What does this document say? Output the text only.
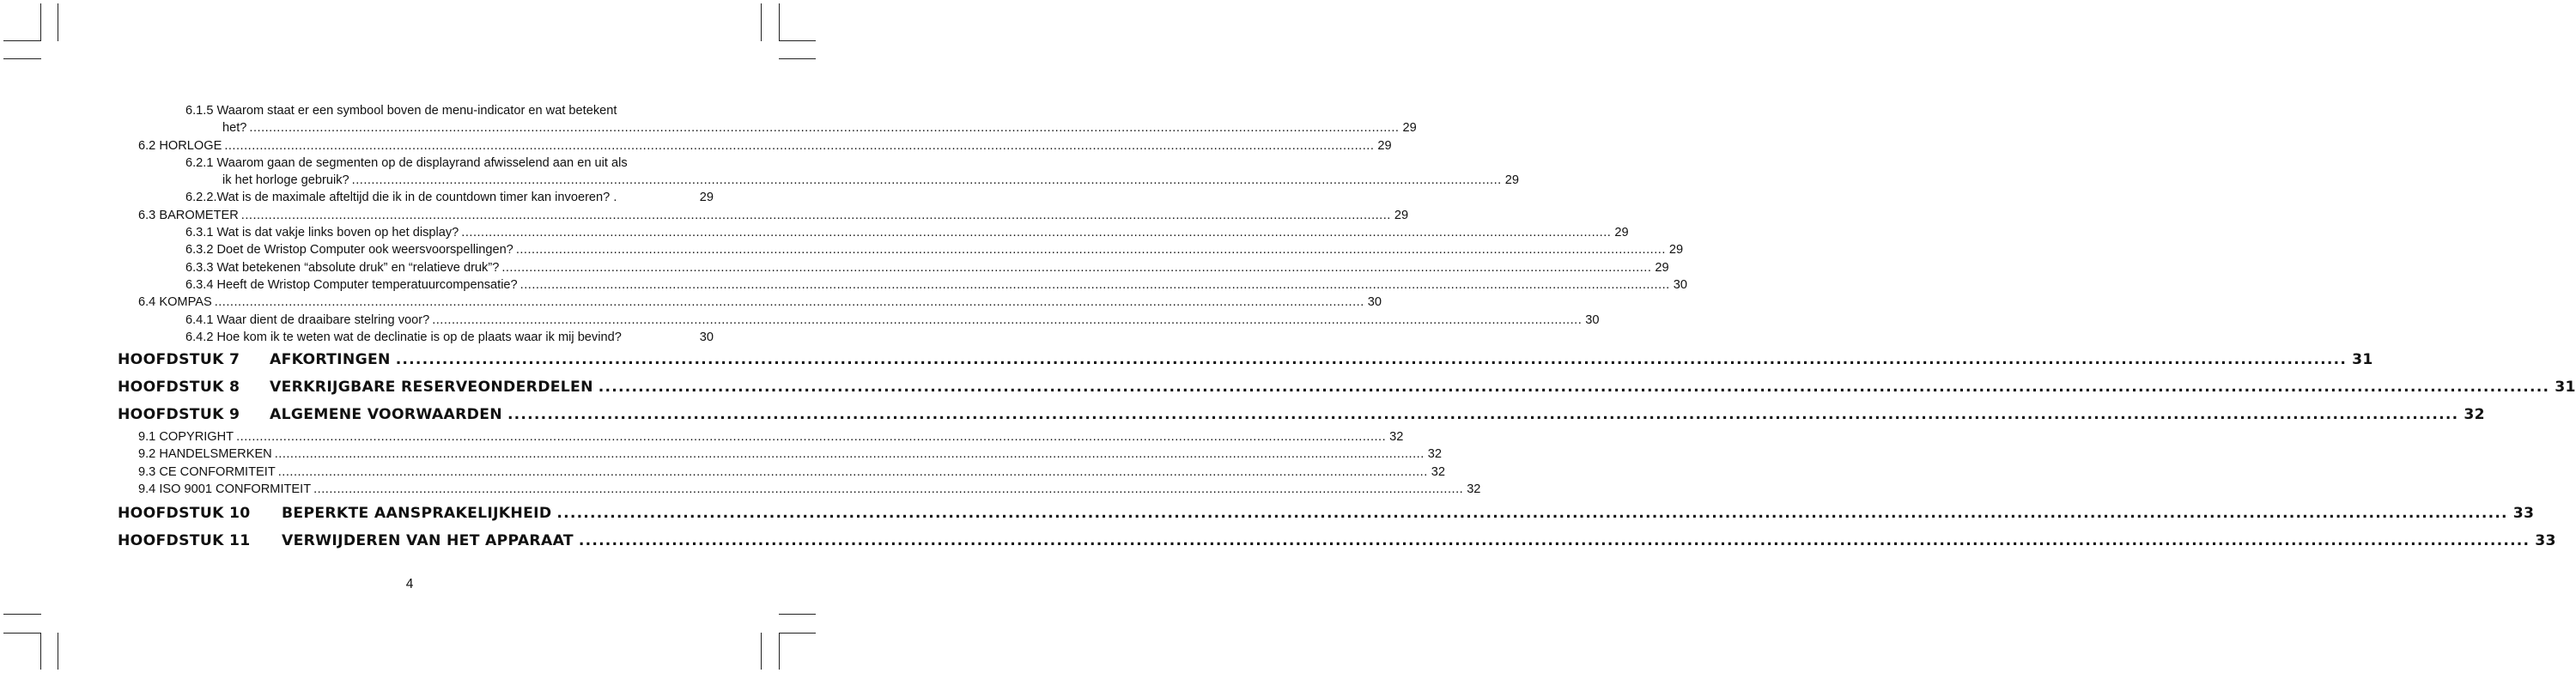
6.1.5 Waarom staat er een symbool boven de menu-indicator en wat betekent
het? ...................................................................................................................................................................................................................................................................................................... 29
6.2 HORLOGE ...................................................................................................................................................................................................................................................................................................... 29
6.2.1 Waarom gaan de segmenten op de displayrand afwisselend aan en uit als
ik het horloge gebruik? ...................................................................................................................................................................................................................................................................................................... 29
6.2.2.Wat is de maximale afteltijd die ik in de countdown timer kan invoeren? .	29
6.3 BAROMETER ...................................................................................................................................................................................................................................................................................................... 29
6.3.1 Wat is dat vakje links boven op het display? ...................................................................................................................................................................................................................................................................................................... 29
6.3.2 Doet de Wristop Computer ook weersvoorspellingen? ...................................................................................................................................................................................................................................................................................................... 29
6.3.3 Wat betekenen “absolute druk” en “relatieve druk”? ...................................................................................................................................................................................................................................................................................................... 29
6.3.4 Heeft de Wristop Computer temperatuurcompensatie? ...................................................................................................................................................................................................................................................................................................... 30
6.4 KOMPAS ...................................................................................................................................................................................................................................................................................................... 30
6.4.1 Waar dient de draaibare stelring voor? ...................................................................................................................................................................................................................................................................................................... 30
6.4.2 Hoe kom ik te weten wat de declinatie is op de plaats waar ik mij bevind?	30
HOOFDSTUK 7 AFKORTINGEN ...................................................................................................................................................................................................................................................................................................... 31
HOOFDSTUK 8 VERKRIJGBARE RESERVEONDERDELEN ...................................................................................................................................................................................................................................................................................................... 31
HOOFDSTUK 9 ALGEMENE VOORWAARDEN ...................................................................................................................................................................................................................................................................................................... 32
9.1 COPYRIGHT ...................................................................................................................................................................................................................................................................................................... 32
9.2 HANDELSMERKEN ...................................................................................................................................................................................................................................................................................................... 32
9.3 CE CONFORMITEIT ...................................................................................................................................................................................................................................................................................................... 32
9.4 ISO 9001 CONFORMITEIT ...................................................................................................................................................................................................................................................................................................... 32
HOOFDSTUK 10 BEPERKTE AANSPRAKELIJKHEID ...................................................................................................................................................................................................................................................................................................... 33
HOOFDSTUK 11 VERWIJDEREN VAN HET APPARAAT ...................................................................................................................................................................................................................................................................................................... 33
4
